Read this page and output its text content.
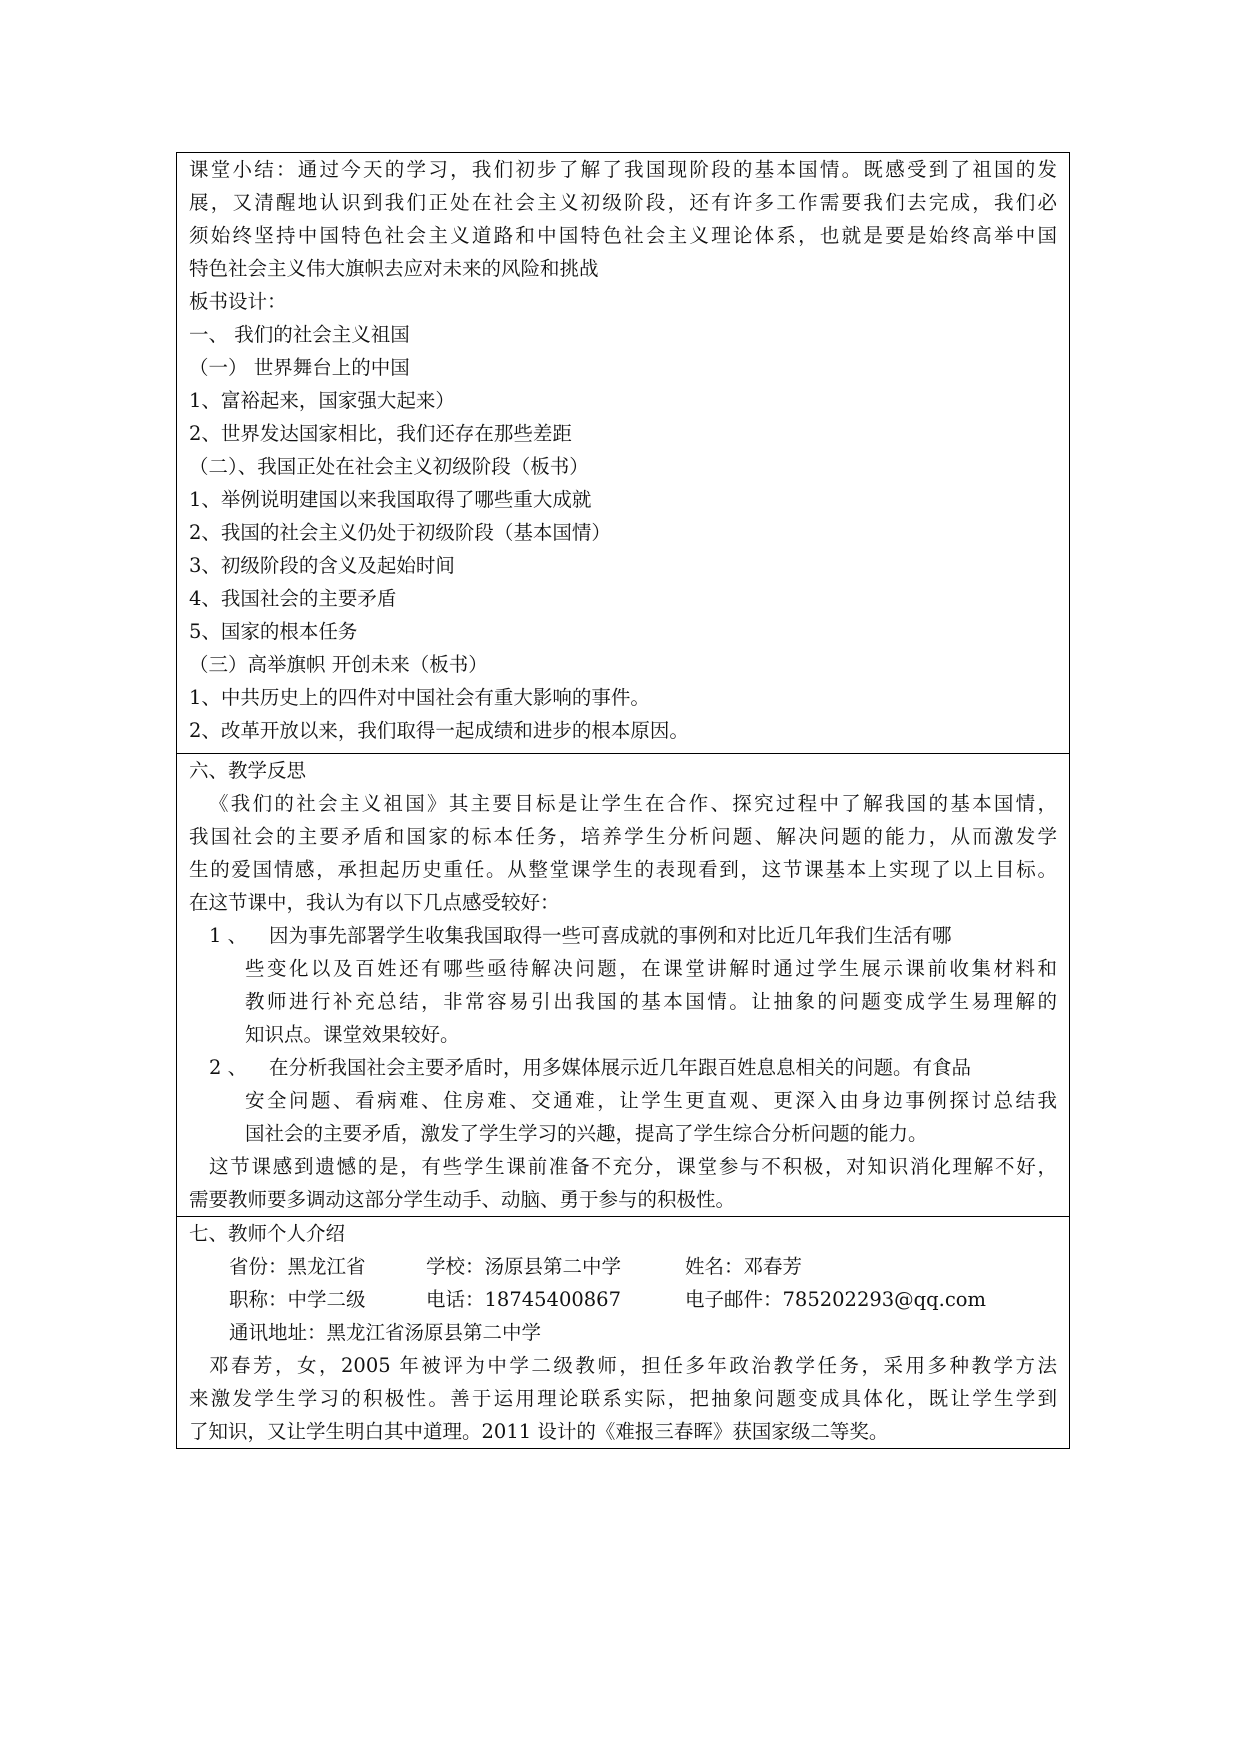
课堂小结：通过今天的学习，我们初步了解了我国现阶段的基本国情。既感受到了祖国的发
展，又清醒地认识到我们正处在社会主义初级阶段，还有许多工作需要我们去完成，我们必
须始终坚持中国特色社会主义道路和中国特色社会主义理论体系，也就是要是始终高举中国
特色社会主义伟大旗帜去应对未来的风险和挑战
板书设计：
一、 我们的社会主义祖国
（一） 世界舞台上的中国
1、富裕起来，国家强大起来）
2、世界发达国家相比，我们还存在那些差距
（二）、我国正处在社会主义初级阶段（板书）
1、举例说明建国以来我国取得了哪些重大成就
2、我国的社会主义仍处于初级阶段（基本国情）
3、初级阶段的含义及起始时间
4、我国社会的主要矛盾
5、国家的根本任务
（三）高举旗帜 开创未来（板书）
1、中共历史上的四件对中国社会有重大影响的事件。
2、改革开放以来，我们取得一起成绩和进步的根本原因。

六、教学反思
《我们的社会主义祖国》其主要目标是让学生在合作、探究过程中了解我国的基本国情，
我国社会的主要矛盾和国家的标本任务，培养学生分析问题、解决问题的能力，从而激发学
生的爱国情感，承担起历史重任。从整堂课学生的表现看到，这节课基本上实现了以上目标。
在这节课中，我认为有以下几点感受较好：
1 、 因为事先部署学生收集我国取得一些可喜成就的事例和对比近几年我们生活有哪
些变化以及百姓还有哪些亟待解决问题，在课堂讲解时通过学生展示课前收集材料和
教师进行补充总结，非常容易引出我国的基本国情。让抽象的问题变成学生易理解的
知识点。课堂效果较好。
2 、 在分析我国社会主要矛盾时，用多媒体展示近几年跟百姓息息相关的问题。有食品
安全问题、看病难、住房难、交通难，让学生更直观、更深入由身边事例探讨总结我
国社会的主要矛盾，激发了学生学习的兴趣，提高了学生综合分析问题的能力。
这节课感到遗憾的是，有些学生课前准备不充分，课堂参与不积极，对知识消化理解不好，
需要教师要多调动这部分学生动手、动脑、勇于参与的积极性。

七、教师个人介绍
省份：黑龙江省	学校：汤原县第二中学	姓名：邓春芳
职称：中学二级	电话：18745400867	电子邮件：785202293@qq.com
通讯地址：黑龙江省汤原县第二中学
邓春芳，女，2005 年被评为中学二级教师，担任多年政治教学任务，采用多种教学方法
来激发学生学习的积极性。善于运用理论联系实际，把抽象问题变成具体化，既让学生学到
了知识，又让学生明白其中道理。2011 设计的《难报三春晖》获国家级二等奖。
